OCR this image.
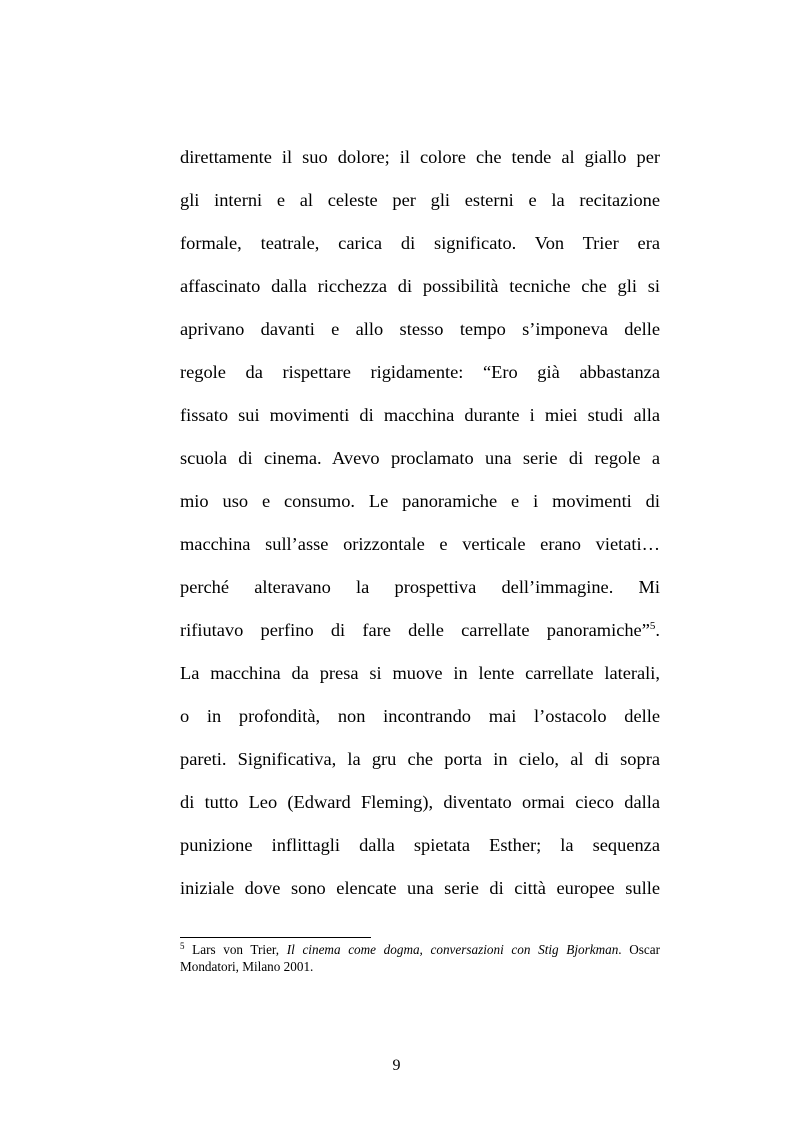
direttamente il suo dolore; il colore che tende al giallo per
gli interni e al celeste per gli esterni e la recitazione
formale, teatrale, carica di significato. Von Trier era
affascinato dalla ricchezza di possibilità tecniche che gli si
aprivano davanti e allo stesso tempo s’imponeva delle
regole da rispettare rigidamente: “Ero già abbastanza
fissato sui movimenti di macchina durante i miei studi alla
scuola di cinema. Avevo proclamato una serie di regole a
mio uso e consumo. Le panoramiche e i movimenti di
macchina sull’asse orizzontale e verticale erano vietati…
perché alteravano la prospettiva dell’immagine. Mi
rifiutavo perfino di fare delle carrellate panoramiche”$^5$.
La macchina da presa si muove in lente carrellate laterali,
o in profondità, non incontrando mai l’ostacolo delle
pareti. Significativa, la gru che porta in cielo, al di sopra
di tutto Leo (Edward Fleming), diventato ormai cieco dalla
punizione inflittagli dalla spietata Esther; la sequenza
iniziale dove sono elencate una serie di città europee sulle
$^5$ Lars von Trier, Il cinema come dogma, conversazioni con Stig Bjorkman. Oscar
Mondatori, Milano 2001.
9
